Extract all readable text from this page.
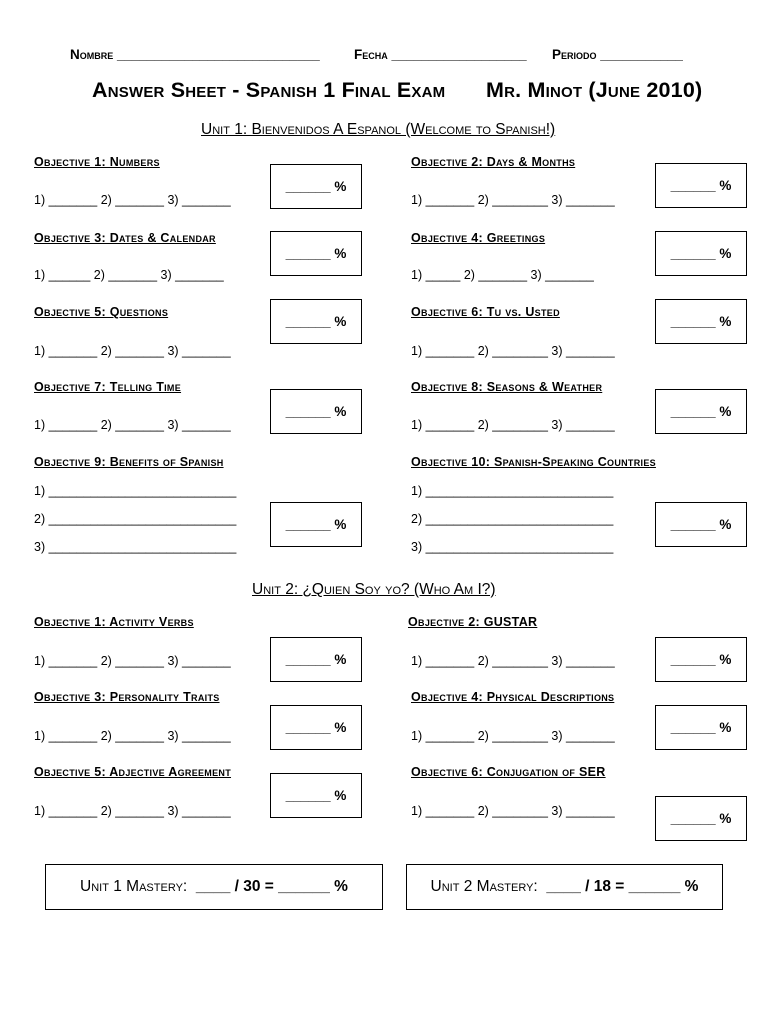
Nombre ___________________________	Fecha __________________ Periodo ___________
Answer Sheet - Spanish 1 Final Exam Mr. Minot (June 2010)
Unit 1: Bienvenidos A Espanol (Welcome to Spanish!)
Objective 1: Numbers
1) _______ 2) _______ 3) _______
______ %
Objective 2: Days & Months
1) _______ 2) ________ 3) _______
______ %
Objective 3: Dates & Calendar
1) ______ 2) _______ 3) _______
______ %
Objective 4: Greetings
1) _____ 2) _______ 3) _______
______ %
Objective 5: Questions
1) _______ 2) _______ 3) _______
______ %
Objective 6: Tu vs. Usted
1) _______ 2) ________ 3) _______
______ %
Objective 7: Telling Time
1) _______ 2) _______ 3) _______
______ %
Objective 8: Seasons & Weather
1) _______ 2) ________ 3) _______
______ %
Objective 9: Benefits of Spanish
1) ___________________________
2) ___________________________
3) ___________________________
______ %
Objective 10: Spanish-Speaking Countries
1) ___________________________
2) ___________________________
3) ___________________________
______ %
Unit 2: ¿Quien Soy yo? (Who Am I?)
Objective 1: Activity Verbs
1) _______ 2) _______ 3) _______	______ %
Objective 2: GUSTAR
1) _______ 2) ________ 3) _______	______ %
Objective 3: Personality Traits
1) _______ 2) _______ 3) _______
______ %
Objective 4: Physical Descriptions
1) _______ 2) ________ 3) _______
______ %
Objective 5: Adjective Agreement
1) _______ 2) _______ 3) _______
______ %
Objective 6: Conjugation of SER
1) _______ 2) ________ 3) _______	______ %
Unit 1 Mastery:
____ / 30 = ______ %	Unit 2 Mastery:
____ / 18 = ______ %
